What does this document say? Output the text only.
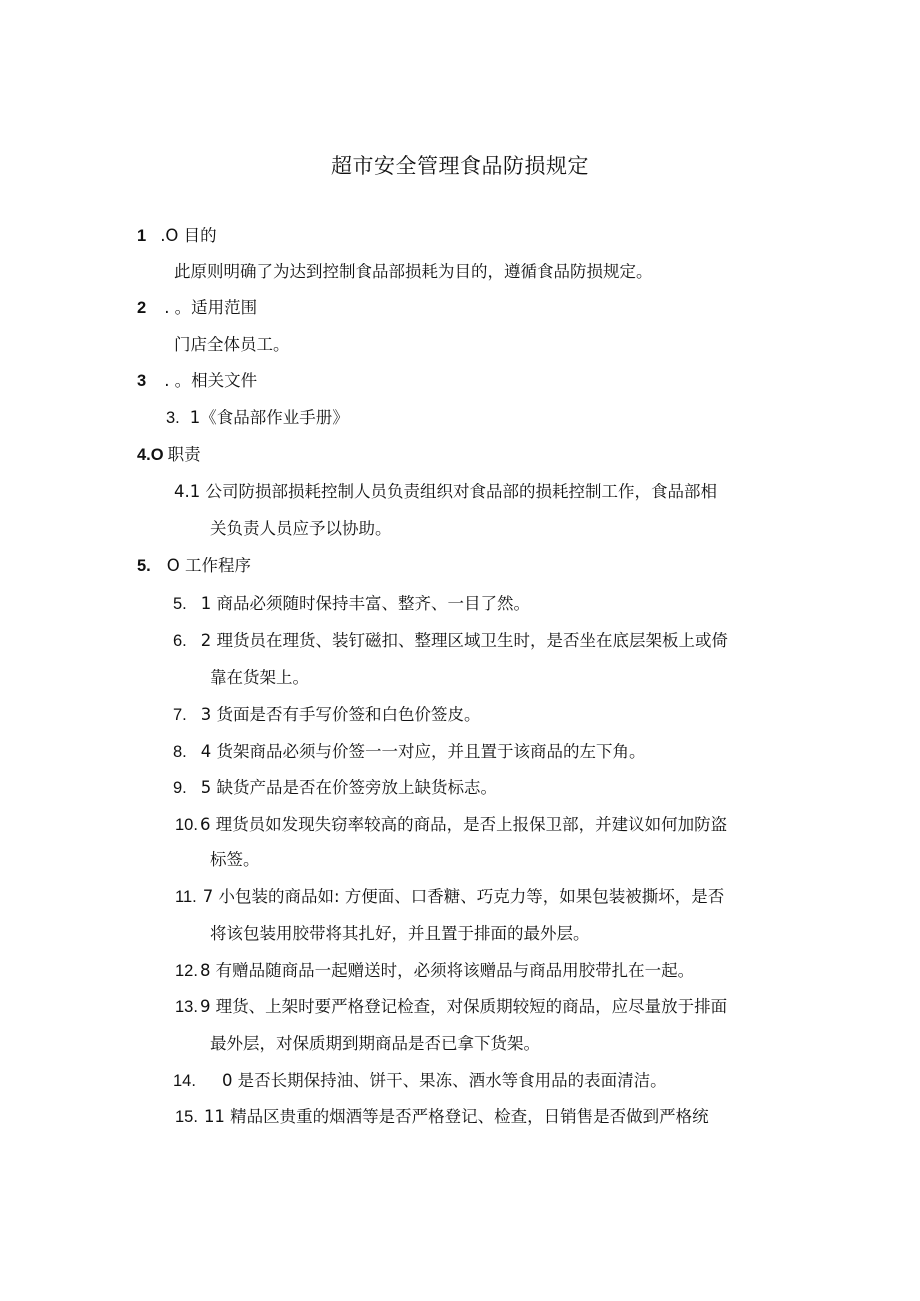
超市安全管理食品防损规定
1 .O 目的
此原则明确了为达到控制食品部损耗为目的，遵循食品防损规定。
2 . 。适用范围
门店全体员工。
3 . 。相关文件
3. 1《食品部作业手册》
4.O 职责
4.1 公司防损部损耗控制人员负责组织对食品部的损耗控制工作，食品部相
关负责人员应予以协助。
5. O 工作程序
5. 1 商品必须随时保持丰富、整齐、一目了然。
6. 2 理货员在理货、装钉磁扣、整理区域卫生时，是否坐在底层架板上或倚
靠在货架上。
7. 3 货面是否有手写价签和白色价签皮。
8. 4 货架商品必须与价签一一对应，并且置于该商品的左下角。
9. 5 缺货产品是否在价签旁放上缺货标志。
10. 6 理货员如发现失窃率较高的商品，是否上报保卫部，并建议如何加防盗
标签。
11. 7 小包装的商品如: 方便面、口香糖、巧克力等，如果包装被撕坏，是否
将该包装用胶带将其扎好，并且置于排面的最外层。
12. 8 有赠品随商品一起赠送时，必须将该赠品与商品用胶带扎在一起。
13. 9 理货、上架时要严格登记检查，对保质期较短的商品，应尽量放于排面
最外层，对保质期到期商品是否已拿下货架。
14. 0 是否长期保持油、饼干、果冻、酒水等食用品的表面清洁。
15. 11 精品区贵重的烟酒等是否严格登记、检查，日销售是否做到严格统
